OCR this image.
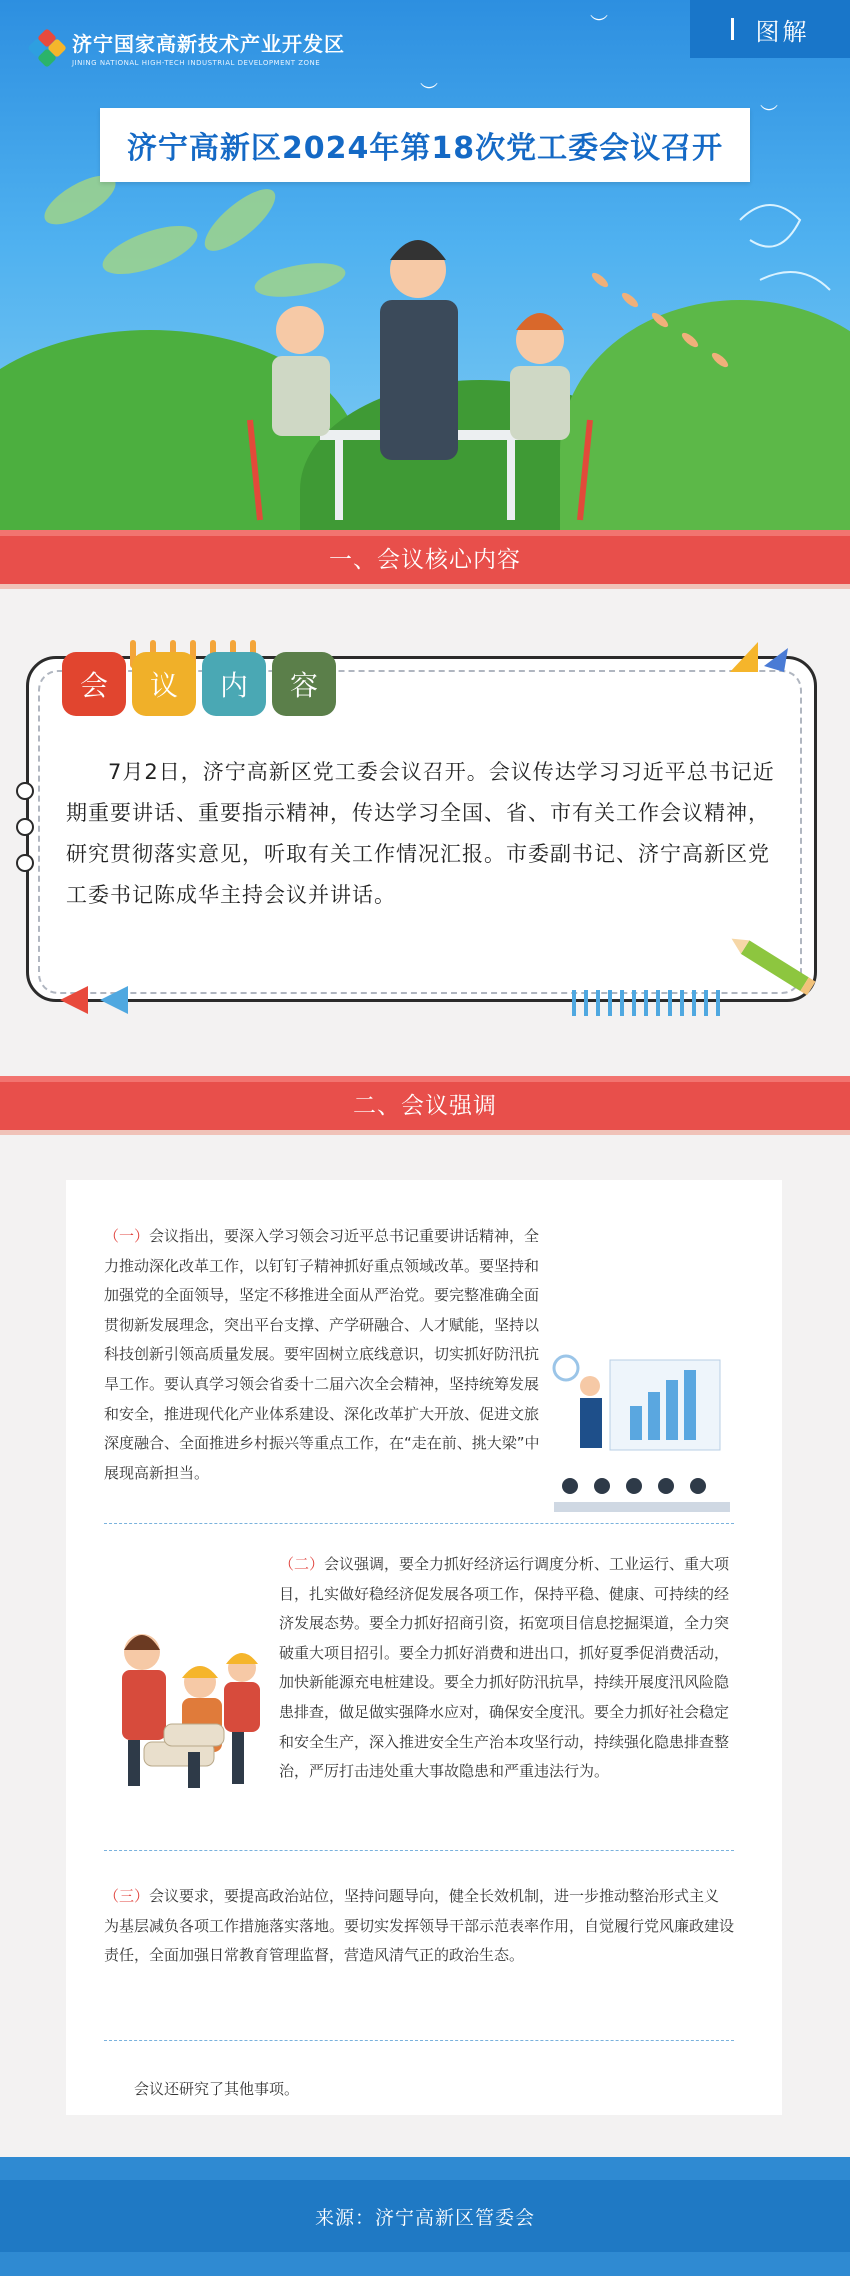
︶
︶
︶
济宁国家高新技术产业开发区
JINING NATIONAL HIGH-TECH INDUSTRIAL DEVELOPMENT ZONE
图解
济宁高新区2024年第18次党工委会议召开
一、会议核心内容
会	议	内	容
7月2日，济宁高新区党工委会议召开。会议传达学习习近平总书记近期重要讲话、重要指示精神，传达学习全国、省、市有关工作会议精神，研究贯彻落实意见，听取有关工作情况汇报。市委副书记、济宁高新区党工委书记陈成华主持会议并讲话。
二、会议强调
（一）会议指出，要深入学习领会习近平总书记重要讲话精神，全力推动深化改革工作，以钉钉子精神抓好重点领域改革。要坚持和加强党的全面领导，坚定不移推进全面从严治党。要完整准确全面贯彻新发展理念，突出平台支撑、产学研融合、人才赋能，坚持以科技创新引领高质量发展。要牢固树立底线意识，切实抓好防汛抗旱工作。要认真学习领会省委十二届六次全会精神，坚持统筹发展和安全，推进现代化产业体系建设、深化改革扩大开放、促进文旅深度融合、全面推进乡村振兴等重点工作，在“走在前、挑大梁”中展现高新担当。
（二）会议强调，要全力抓好经济运行调度分析、工业运行、重大项目，扎实做好稳经济促发展各项工作，保持平稳、健康、可持续的经济发展态势。要全力抓好招商引资，拓宽项目信息挖掘渠道，全力突破重大项目招引。要全力抓好消费和进出口，抓好夏季促消费活动，加快新能源充电桩建设。要全力抓好防汛抗旱，持续开展度汛风险隐患排查，做足做实强降水应对，确保安全度汛。要全力抓好社会稳定和安全生产，深入推进安全生产治本攻坚行动，持续强化隐患排查整治，严厉打击违处重大事故隐患和严重违法行为。
（三）会议要求，要提高政治站位，坚持问题导向，健全长效机制，进一步推动整治形式主义为基层减负各项工作措施落实落地。要切实发挥领导干部示范表率作用，自觉履行党风廉政建设责任，全面加强日常教育管理监督，营造风清气正的政治生态。
会议还研究了其他事项。
来源：济宁高新区管委会
